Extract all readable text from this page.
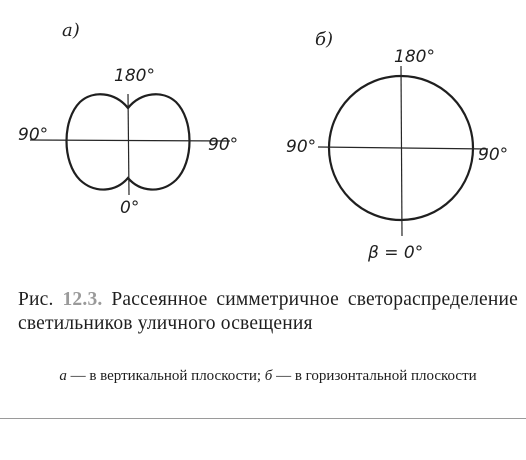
а)
180°
90°	90°
0°
б)
180°
90°	90°
β = 0°
Рис. 12.3. Рассеянное симметричное светораспределение светильников уличного освещения
а — в вертикальной плоскости; б — в горизонтальной плоскости
